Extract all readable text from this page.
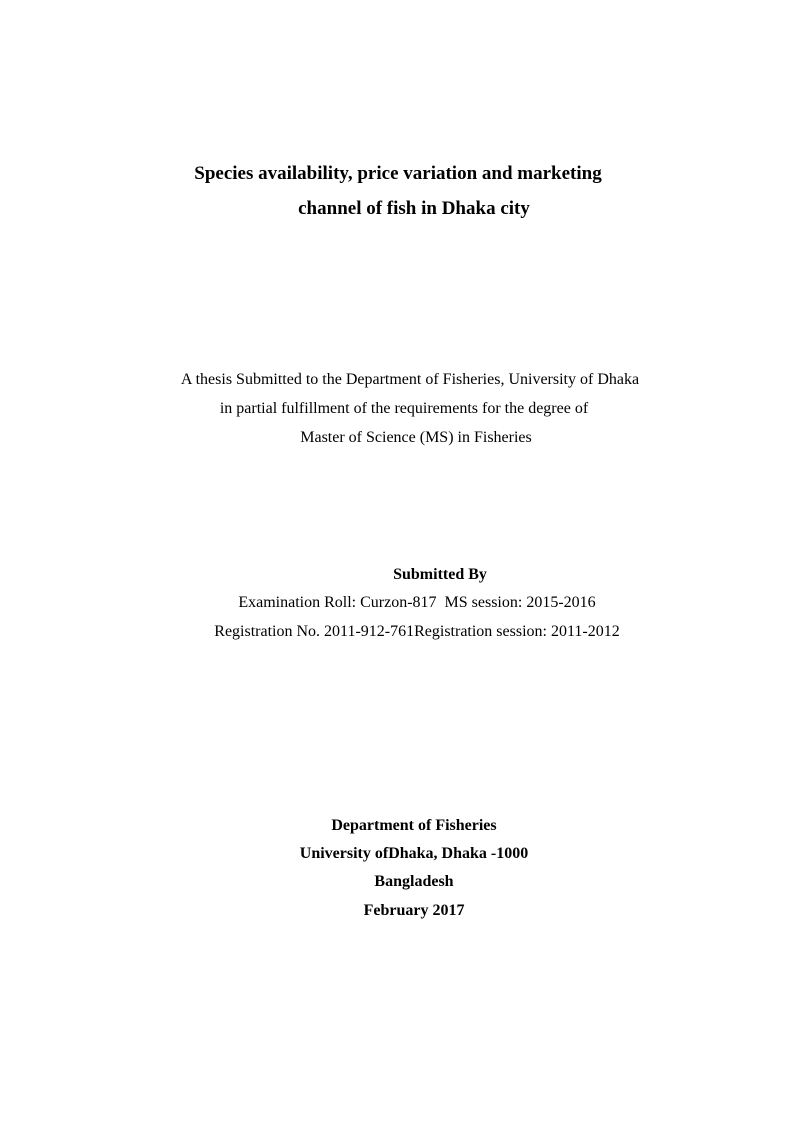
Species availability, price variation and marketing
channel of fish in Dhaka city
A thesis Submitted to the Department of Fisheries, University of Dhaka
in partial fulfillment of the requirements for the degree of
Master of Science (MS) in Fisheries
Submitted By
Examination Roll: Curzon-817  MS session: 2015-2016
Registration No. 2011-912-761Registration session: 2011-2012
Department of Fisheries
University ofDhaka, Dhaka -1000
Bangladesh
February 2017
